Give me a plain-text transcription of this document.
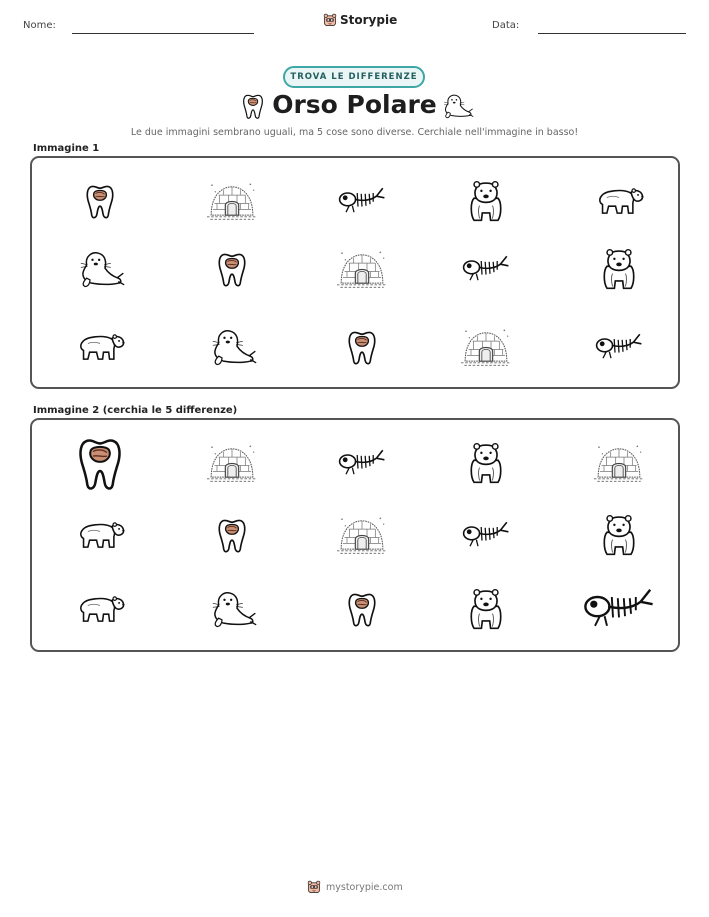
Nome:	Storypie	Data:
TROVA LE DIFFERENZE
Orso Polare
Le due immagini sembrano uguali, ma 5 cose sono diverse. Cerchiale nell'immagine in basso!
Immagine 1
Immagine 2 (cerchia le 5 differenze)
mystorypie.com
